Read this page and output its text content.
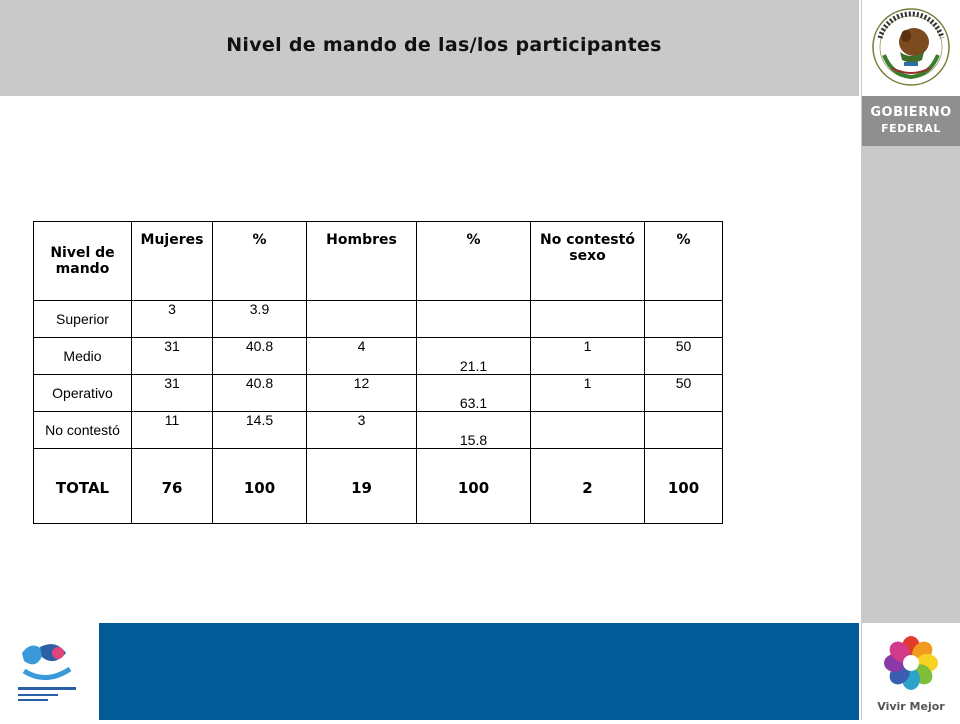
Nivel de mando de las/los participantes
GOBIERNO
FEDERAL
Vivir Mejor
Nivel de mando	Mujeres	%	Hombres	%	No contestó sexo	%
Superior	3	3.9				
Medio	31	40.8	4	21.1	1	50
Operativo	31	40.8	12	63.1	1	50
No contestó	11	14.5	3	15.8		
TOTAL	76	100	19	100	2	100
